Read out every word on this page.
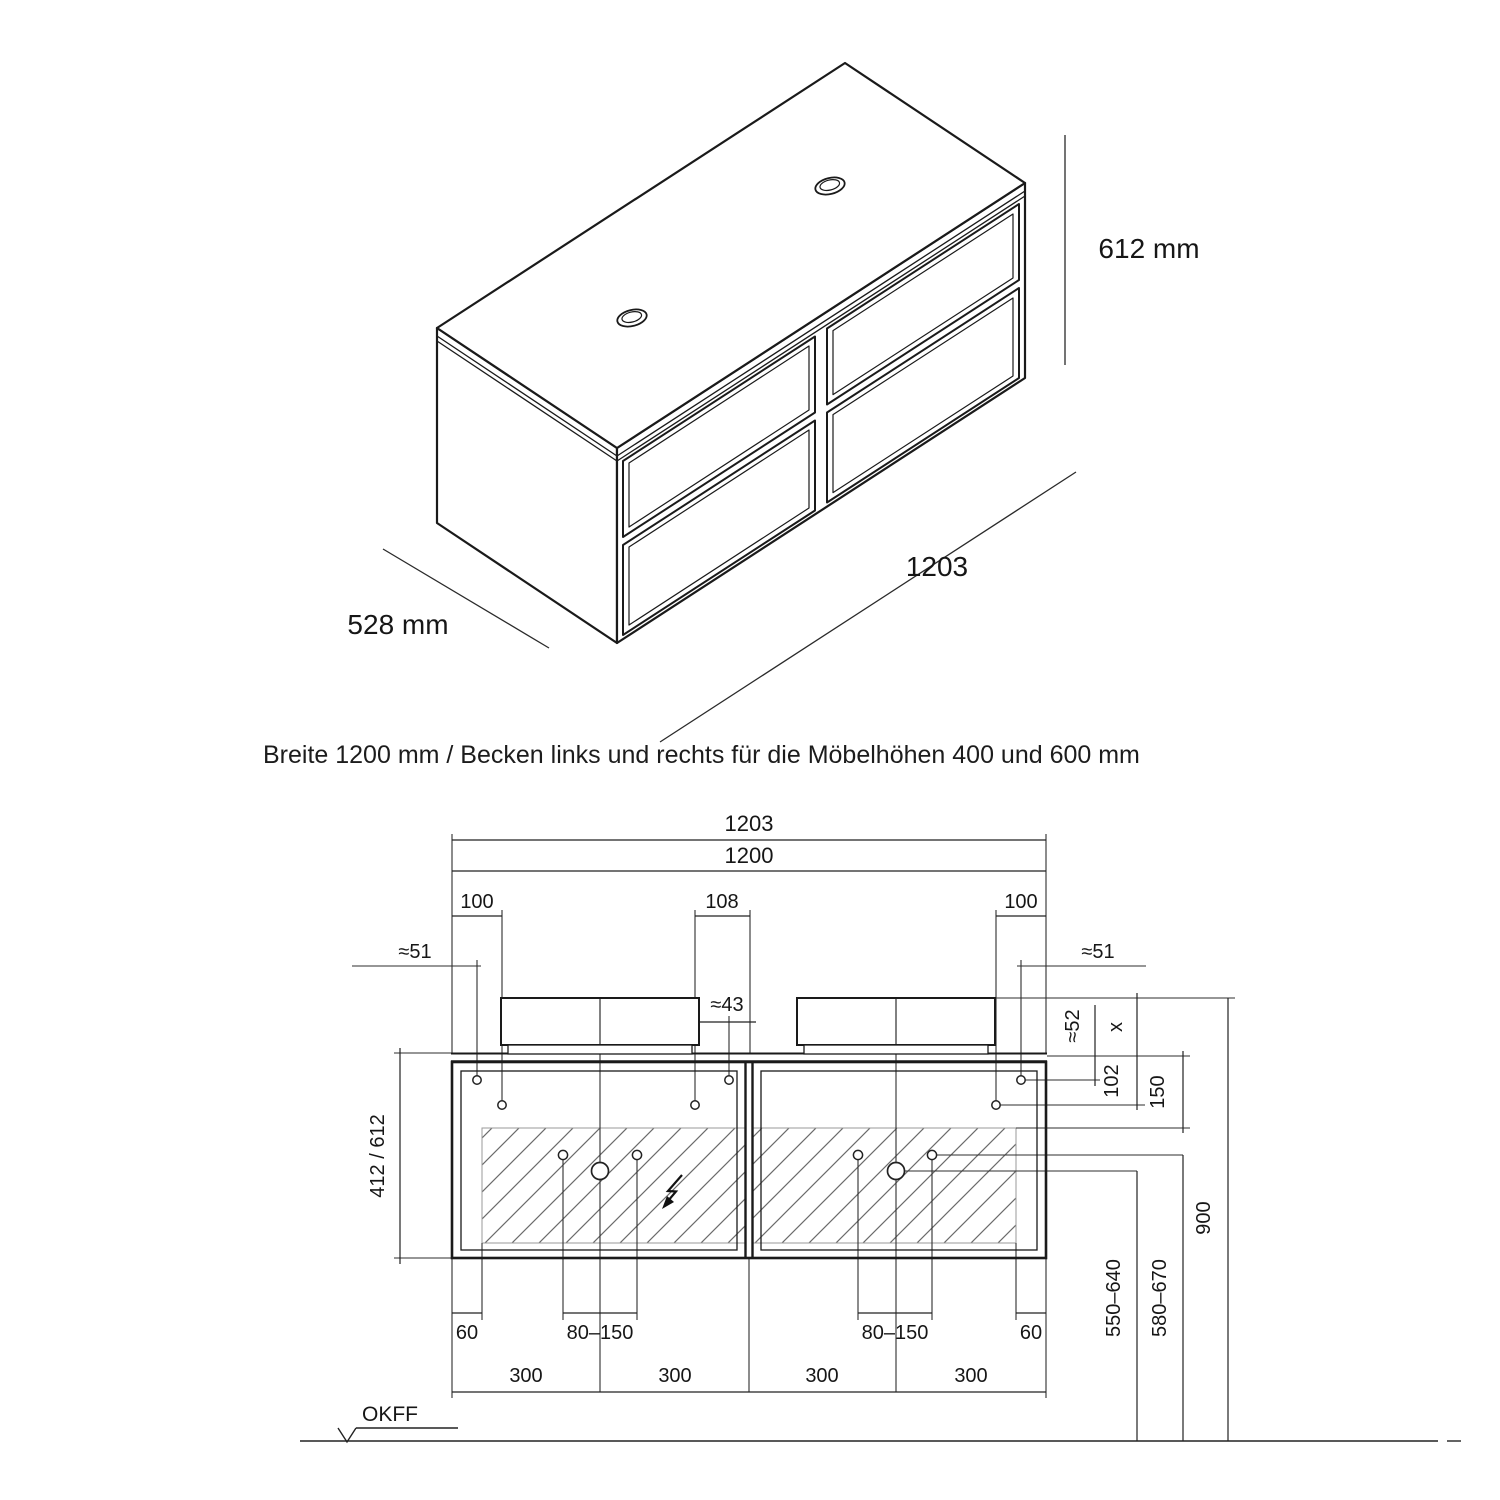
612 mm
1203
528 mm
Breite 1200 mm / Becken links und rechts für die Möbelhöhen 400 und 600 mm
1203
1200
100	108	100
≈51	≈51
≈43
412 / 612
≈52 x
102 150
900
550–640 580–670
60	80–150	80–150	60
300	300	300	300
OKFF
